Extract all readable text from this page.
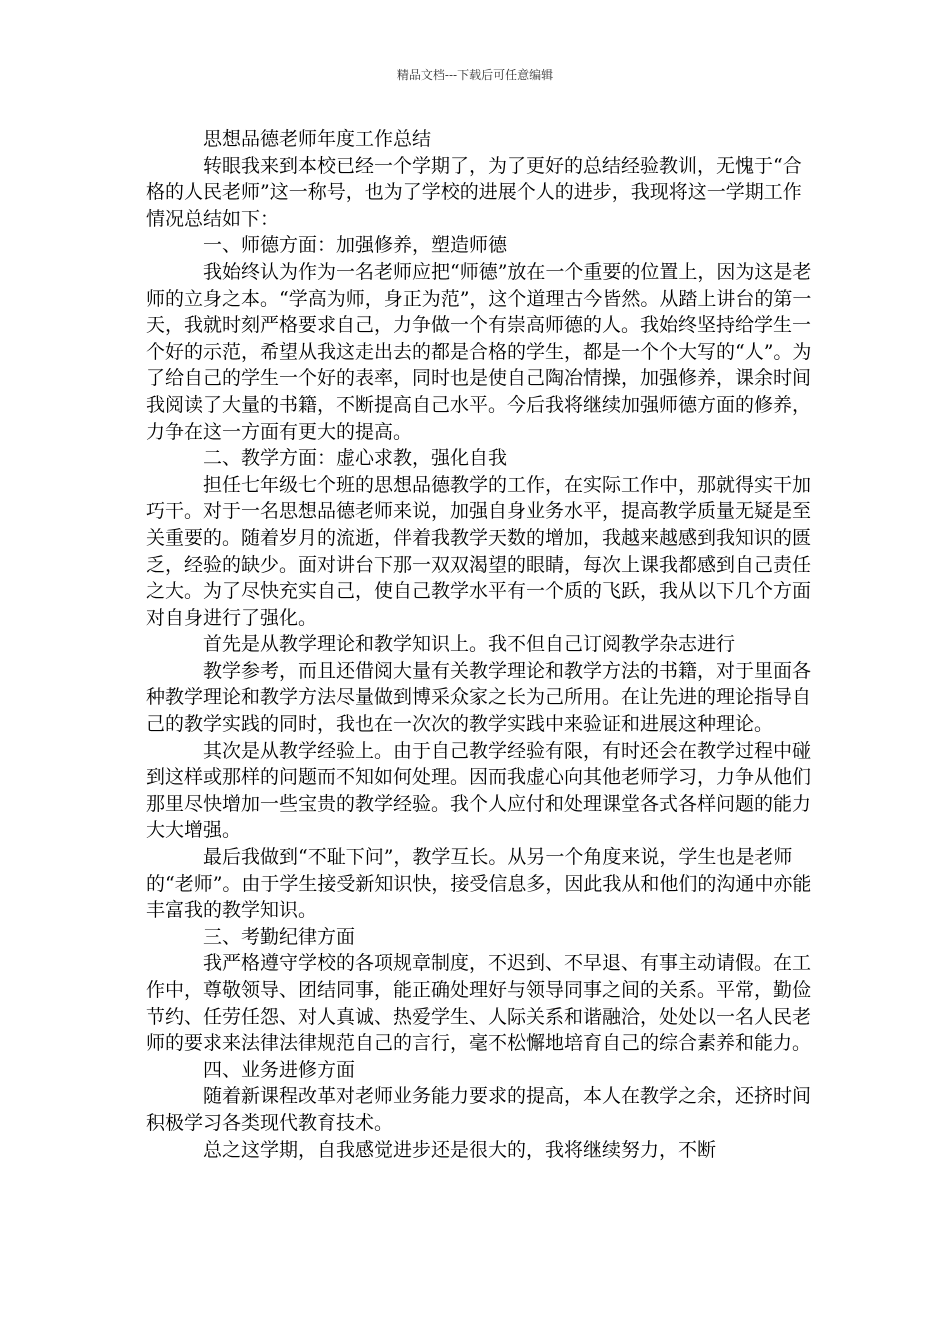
精品文档---下载后可任意编辑

思想品德老师年度工作总结

转眼我来到本校已经一个学期了，为了更好的总结经验教训，无愧于“合格的人民老师”这一称号，也为了学校的进展个人的进步，我现将这一学期工作情况总结如下：

一、师德方面：加强修养，塑造师德

我始终认为作为一名老师应把“师德”放在一个重要的位置上，因为这是老师的立身之本。“学高为师，身正为范”，这个道理古今皆然。从踏上讲台的第一天，我就时刻严格要求自己，力争做一个有崇高师德的人。我始终坚持给学生一个好的示范，希望从我这走出去的都是合格的学生，都是一个个大写的“人”。为了给自己的学生一个好的表率，同时也是使自己陶冶情操，加强修养，课余时间我阅读了大量的书籍，不断提高自己水平。今后我将继续加强师德方面的修养，力争在这一方面有更大的提高。

二、教学方面：虚心求教，强化自我

担任七年级七个班的思想品德教学的工作，在实际工作中，那就得实干加巧干。对于一名思想品德老师来说，加强自身业务水平，提高教学质量无疑是至关重要的。随着岁月的流逝，伴着我教学天数的增加，我越来越感到我知识的匮乏，经验的缺少。面对讲台下那一双双渴望的眼睛，每次上课我都感到自己责任之大。为了尽快充实自己，使自己教学水平有一个质的飞跃，我从以下几个方面对自身进行了强化。

首先是从教学理论和教学知识上。我不但自己订阅教学杂志进行

教学参考，而且还借阅大量有关教学理论和教学方法的书籍，对于里面各种教学理论和教学方法尽量做到博采众家之长为己所用。在让先进的理论指导自己的教学实践的同时，我也在一次次的教学实践中来验证和进展这种理论。

其次是从教学经验上。由于自己教学经验有限，有时还会在教学过程中碰到这样或那样的问题而不知如何处理。因而我虚心向其他老师学习，力争从他们那里尽快增加一些宝贵的教学经验。我个人应付和处理课堂各式各样问题的能力大大增强。

最后我做到“不耻下问”，教学互长。从另一个角度来说，学生也是老师的“老师”。由于学生接受新知识快，接受信息多，因此我从和他们的沟通中亦能丰富我的教学知识。

三、考勤纪律方面

我严格遵守学校的各项规章制度，不迟到、不早退、有事主动请假。在工作中，尊敬领导、团结同事，能正确处理好与领导同事之间的关系。平常，勤俭节约、任劳任怨、对人真诚、热爱学生、人际关系和谐融洽，处处以一名人民老师的要求来法律法律规范自己的言行，毫不松懈地培育自己的综合素养和能力。

四、业务进修方面

随着新课程改革对老师业务能力要求的提高，本人在教学之余，还挤时间积极学习各类现代教育技术。

总之这学期，自我感觉进步还是很大的，我将继续努力，不断
